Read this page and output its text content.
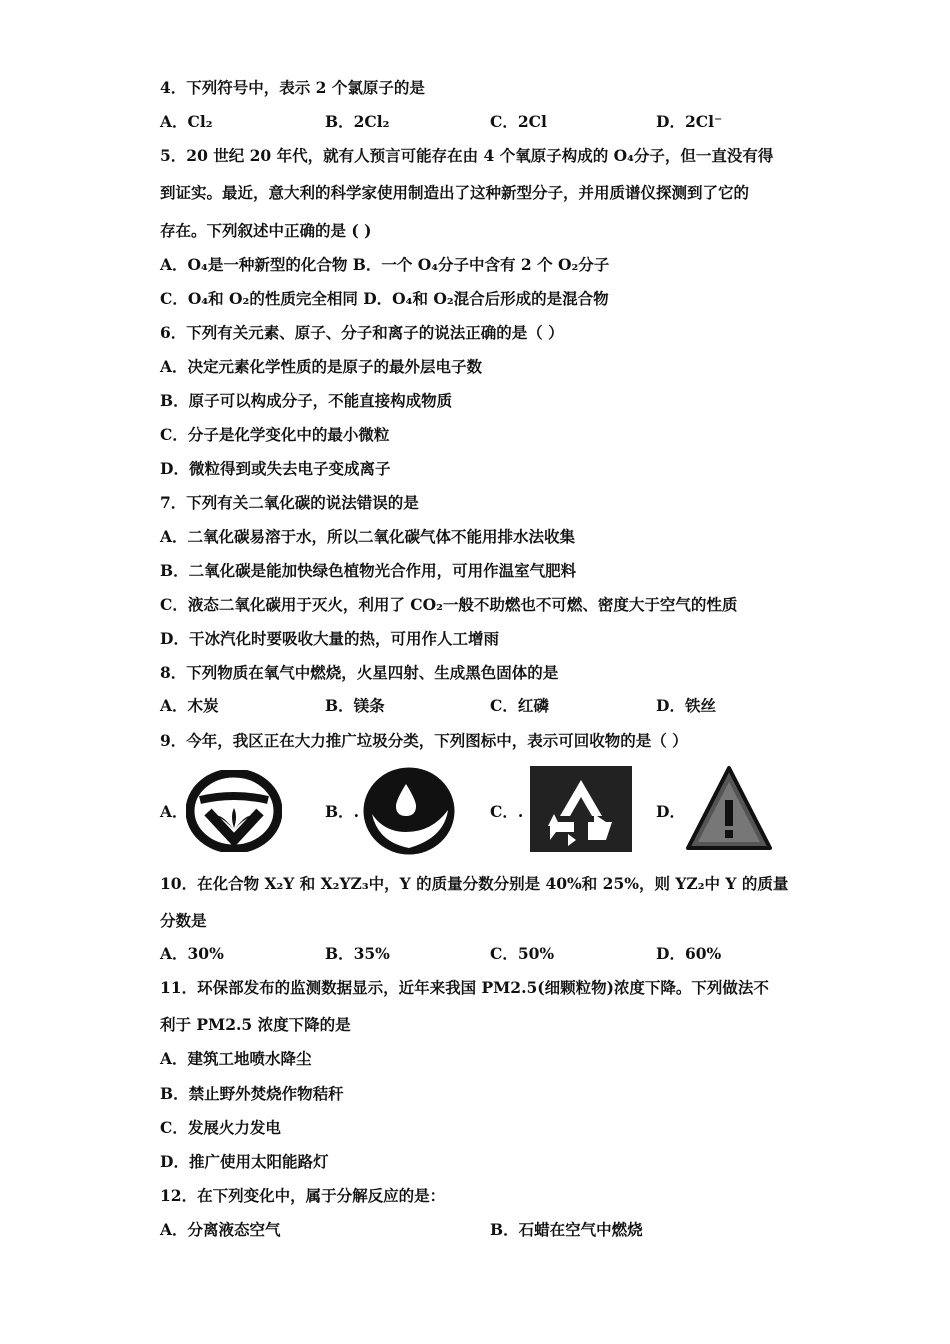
4．下列符号中，表示 2 个氯原子的是
A．Cl₂	B．2Cl₂	C．2Cl	D．2Cl⁻
5．20 世纪 20 年代，就有人预言可能存在由 4 个氧原子构成的 O₄分子，但一直没有得
到证实。最近，意大利的科学家使用制造出了这种新型分子，并用质谱仪探测到了它的
存在。下列叙述中正确的是 ( )
A．O₄是一种新型的化合物 B．一个 O₄分子中含有 2 个 O₂分子
C．O₄和 O₂的性质完全相同 D．O₄和 O₂混合后形成的是混合物
6．下列有关元素、原子、分子和离子的说法正确的是（ ）
A．决定元素化学性质的是原子的最外层电子数
B．原子可以构成分子，不能直接构成物质
C．分子是化学变化中的最小微粒
D．微粒得到或失去电子变成离子
7．下列有关二氧化碳的说法错误的是
A．二氧化碳易溶于水，所以二氧化碳气体不能用排水法收集
B．二氧化碳是能加快绿色植物光合作用，可用作温室气肥料
C．液态二氧化碳用于灭火，利用了 CO₂一般不助燃也不可燃、密度大于空气的性质
D．干冰汽化时要吸收大量的热，可用作人工增雨
8．下列物质在氧气中燃烧，火星四射、生成黑色固体的是
A．木炭	B．镁条	C．红磷	D．铁丝
9．今年，我区正在大力推广垃圾分类，下列图标中，表示可回收物的是（ ）
A．	B．.	C．.	D．
10．在化合物 X₂Y 和 X₂YZ₃中，Y 的质量分数分别是 40%和 25%，则 YZ₂中 Y 的质量
分数是
A．30%	B．35%	C．50%	D．60%
11．环保部发布的监测数据显示，近年来我国 PM2.5(细颗粒物)浓度下降。下列做法不
利于 PM2.5 浓度下降的是
A．建筑工地喷水降尘
B．禁止野外焚烧作物秸秆
C．发展火力发电
D．推广使用太阳能路灯
12．在下列变化中，属于分解反应的是：
A．分离液态空气	B．石蜡在空气中燃烧
